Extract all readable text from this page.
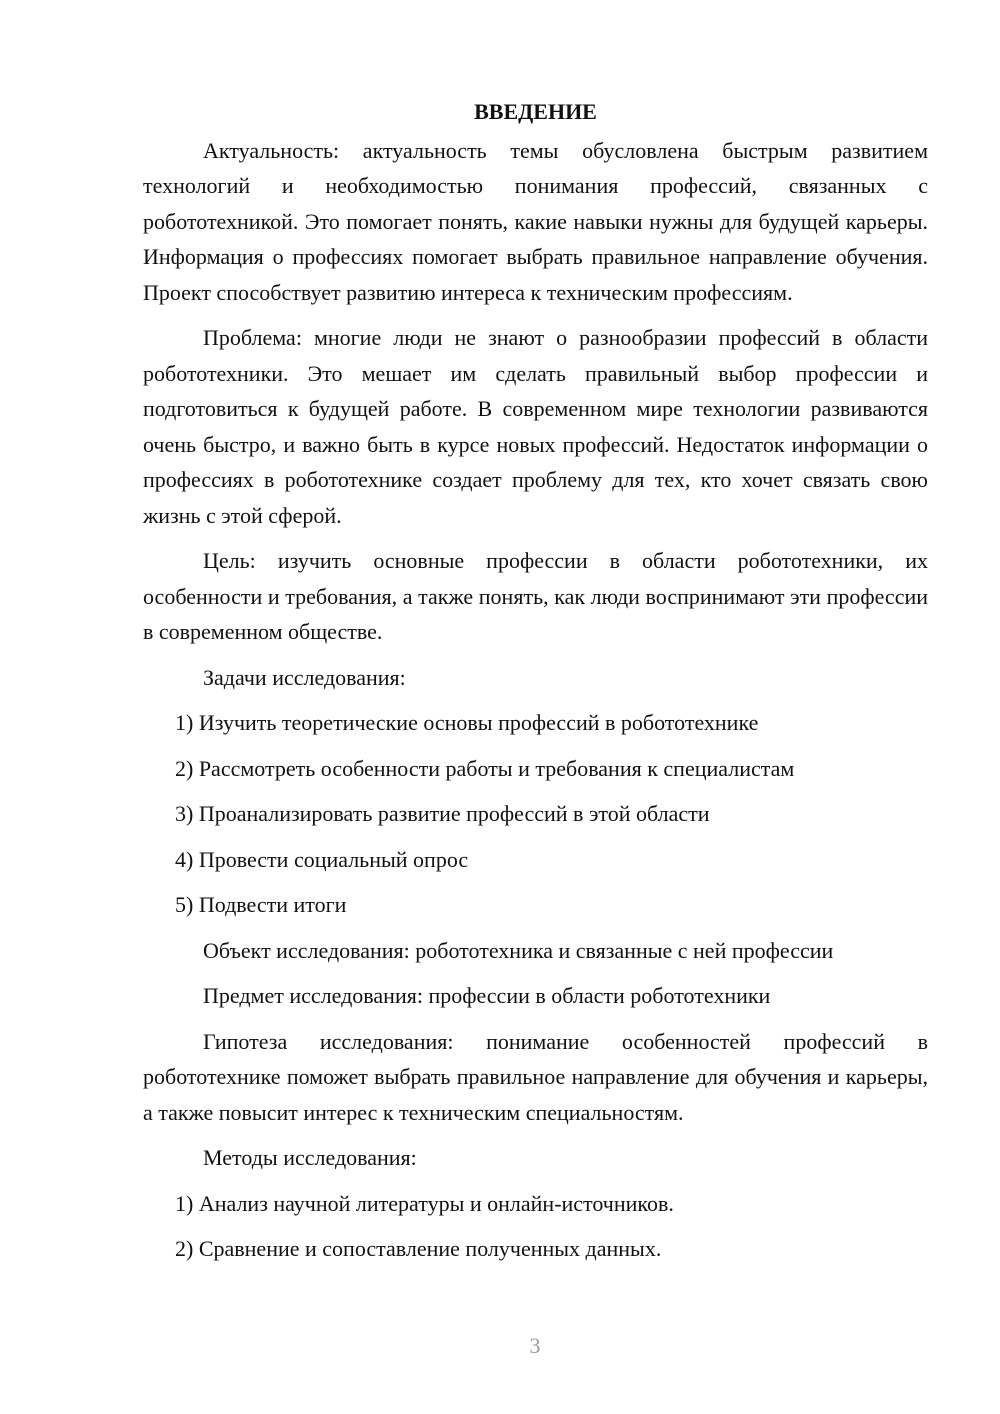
ВВЕДЕНИЕ

Актуальность: актуальность темы обусловлена быстрым развитием технологий и необходимостью понимания профессий, связанных с робототехникой. Это помогает понять, какие навыки нужны для будущей карьеры. Информация о профессиях помогает выбрать правильное направление обучения. Проект способствует развитию интереса к техническим профессиям.

Проблема: многие люди не знают о разнообразии профессий в области робототехники. Это мешает им сделать правильный выбор профессии и подготовиться к будущей работе. В современном мире технологии развиваются очень быстро, и важно быть в курсе новых профессий. Недостаток информации о профессиях в робототехнике создает проблему для тех, кто хочет связать свою жизнь с этой сферой.

Цель: изучить основные профессии в области робототехники, их особенности и требования, а также понять, как люди воспринимают эти профессии в современном обществе.

Задачи исследования:

1) Изучить теоретические основы профессий в робототехнике
2) Рассмотреть особенности работы и требования к специалистам
3) Проанализировать развитие профессий в этой области
4) Провести социальный опрос
5) Подвести итоги

Объект исследования: робототехника и связанные с ней профессии

Предмет исследования: профессии в области робототехники

Гипотеза исследования: понимание особенностей профессий в робототехнике поможет выбрать правильное направление для обучения и карьеры, а также повысит интерес к техническим специальностям.

Методы исследования:

1) Анализ научной литературы и онлайн-источников.
2) Сравнение и сопоставление полученных данных.
3
